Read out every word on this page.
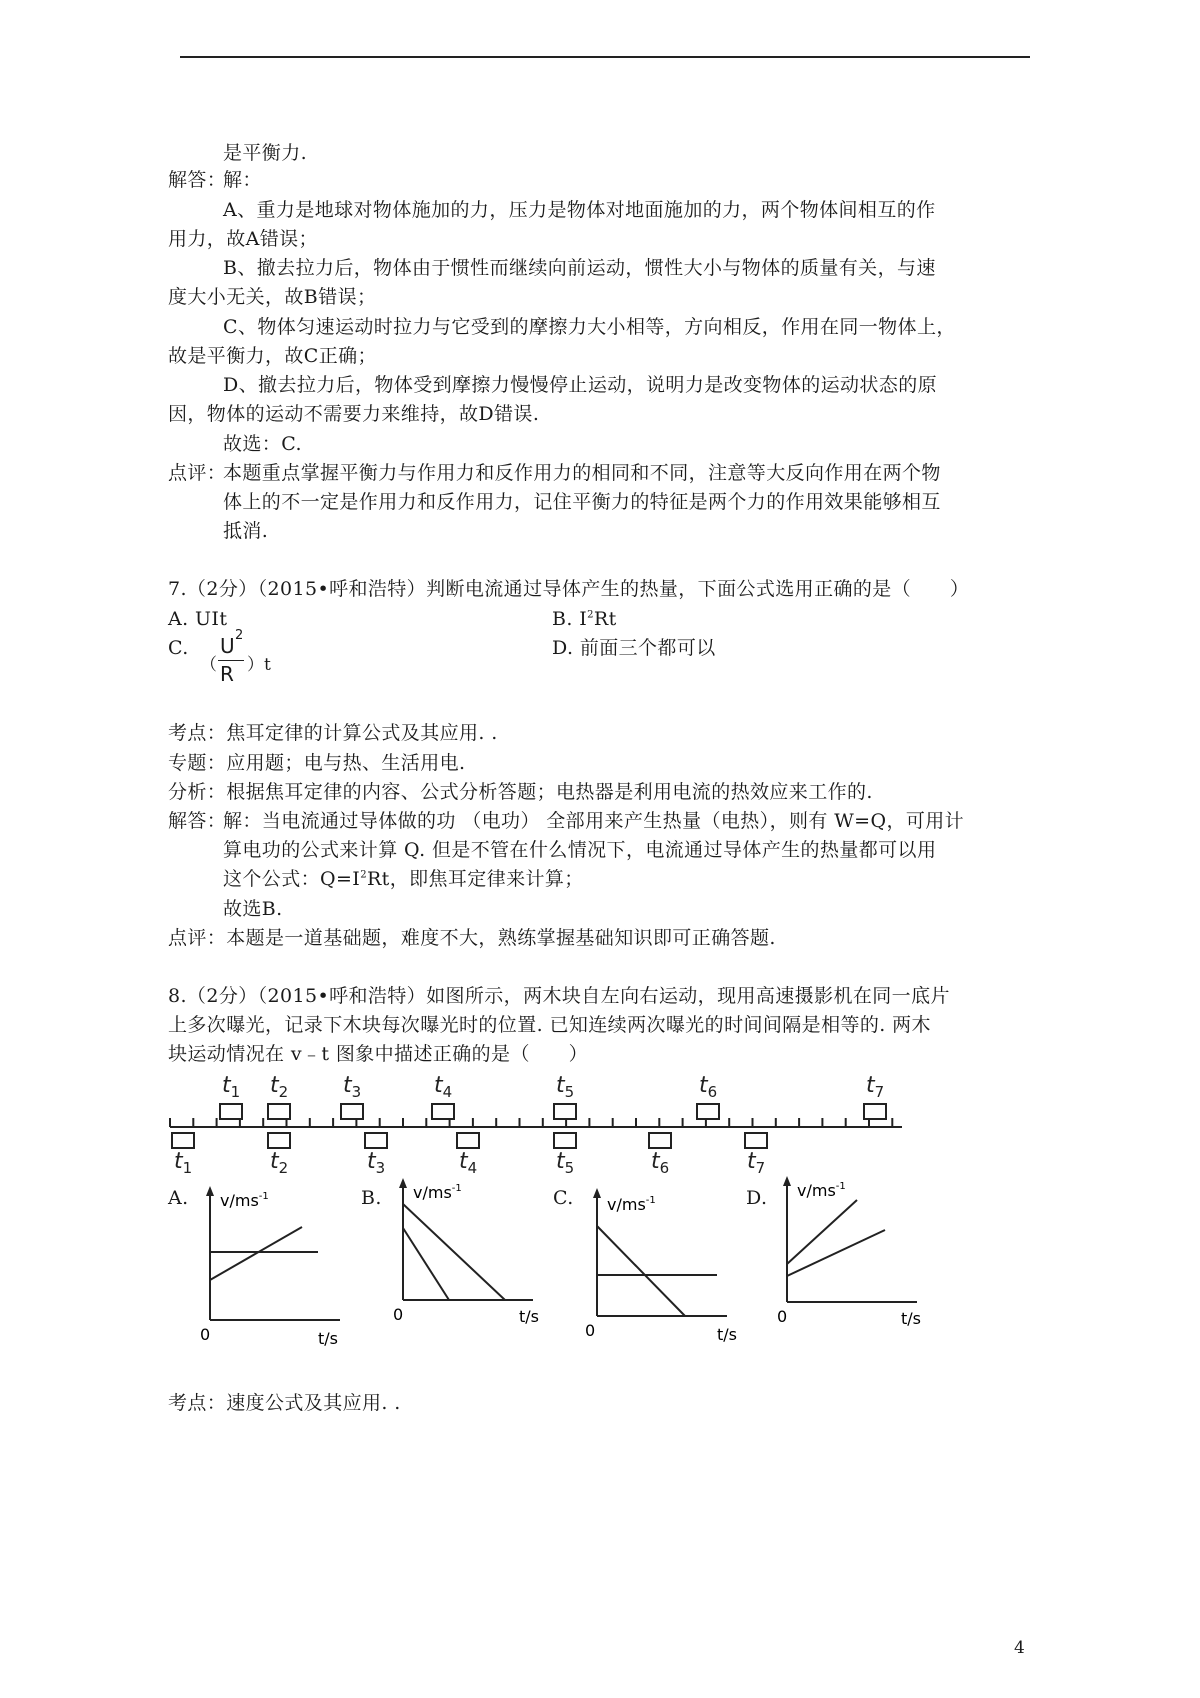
是平衡力.
解答：
解：
A、重力是地球对物体施加的力，压力是物体对地面施加的力，两个物体间相互的作
用力，故A错误；
B、撤去拉力后，物体由于惯性而继续向前运动，惯性大小与物体的质量有关，与速
度大小无关，故B错误；
C、物体匀速运动时拉力与它受到的摩擦力大小相等，方向相反，作用在同一物体上，
故是平衡力，故C正确；
D、撤去拉力后，物体受到摩擦力慢慢停止运动，说明力是改变物体的运动状态的原
因，物体的运动不需要力来维持，故D错误.
故选：C.
点评：
本题重点掌握平衡力与作用力和反作用力的相同和不同，注意等大反向作用在两个物
体上的不一定是作用力和反作用力，记住平衡力的特征是两个力的作用效果能够相互
抵消.
7.（2分）（2015•呼和浩特）判断电流通过导体产生的热量，下面公式选用正确的是（　　）
A. UIt	B. $I^2Rt$
C.
（
U 2
R ）t
D. 前面三个都可以
考点：焦耳定律的计算公式及其应用. .
专题：应用题；电与热、生活用电.
分析：根据焦耳定律的内容、公式分析答题；电热器是利用电流的热效应来工作的.
解答：
解：当电流通过导体做的功 （电功） 全部用来产生热量（电热），则有 W=Q，可用计
算电功的公式来计算 Q. 但是不管在什么情况下，电流通过导体产生的热量都可以用
这个公式：$Q=I^2Rt$，即焦耳定律来计算；
故选B.
点评：本题是一道基础题，难度不大，熟练掌握基础知识即可正确答题.
8.（2分）（2015•呼和浩特）如图所示，两木块自左向右运动，现用高速摄影机在同一底片
上多次曝光，记录下木块每次曝光时的位置. 已知连续两次曝光的时间间隔是相等的. 两木
块运动情况在 v﹣t 图象中描述正确的是（　　）
$t_1$ $t_2$ $t_3$	$t_4$	$t_5$	$t_6$	$t_7$
$t_1$	$t_2$	$t_3$	$t_4$	$t_5$	$t_6$	$t_7$
A.	B.	C.	D.
$v/ms^{-1}$
0	t/s
$v/ms^{-1}$
0	t/s
$v/ms^{-1}$
0	t/s
$v/ms^{-1}$
0	t/s
考点：速度公式及其应用. .
4
